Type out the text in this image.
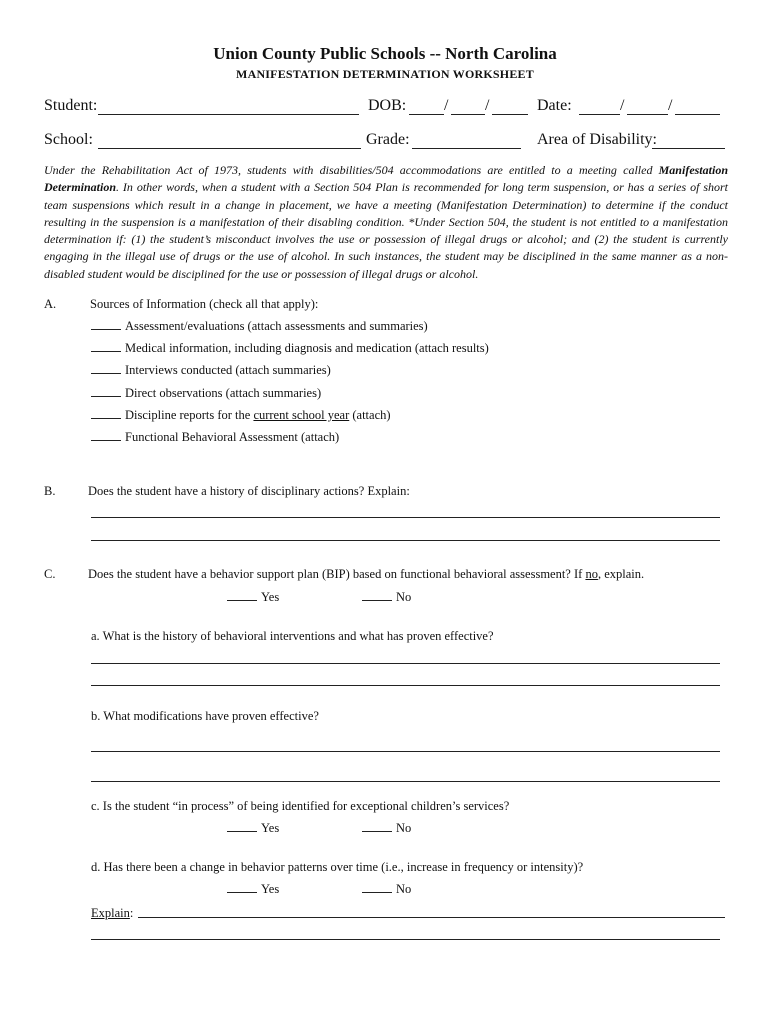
Union County Public Schools -- North Carolina
MANIFESTATION DETERMINATION WORKSHEET
Student:	DOB: / /	Date:	/	/
School:	Grade:	Area of Disability:
Under the Rehabilitation Act of 1973, students with disabilities/504 accommodations are entitled to a meeting called Manifestation Determination. In other words, when a student with a Section 504 Plan is recommended for long term suspension, or has a series of short team suspensions which result in a change in placement, we have a meeting (Manifestation Determination) to determine if the conduct resulting in the suspension is a manifestation of their disabling condition. *Under Section 504, the student is not entitled to a manifestation determination if: (1) the student’s misconduct involves the use or possession of illegal drugs or alcohol; and (2) the student is currently engaging in the illegal use of drugs or the use of alcohol. In such instances, the student may be disciplined in the same manner as a non-disabled student would be disciplined for the use or possession of illegal drugs or alcohol.
A.	Sources of Information (check all that apply):
Assessment/evaluations (attach assessments and summaries)
Medical information, including diagnosis and medication (attach results)
Interviews conducted (attach summaries)
Direct observations (attach summaries)
Discipline reports for the current school year (attach)
Functional Behavioral Assessment (attach)
B.	Does the student have a history of disciplinary actions? Explain:
C.	Does the student have a behavior support plan (BIP) based on functional behavioral assessment? If no, explain.
Yes	No
a. What is the history of behavioral interventions and what has proven effective?
b. What modifications have proven effective?
c. Is the student “in process” of being identified for exceptional children’s services?
Yes	No
d. Has there been a change in behavior patterns over time (i.e., increase in frequency or intensity)?
Yes	No
Explain:
